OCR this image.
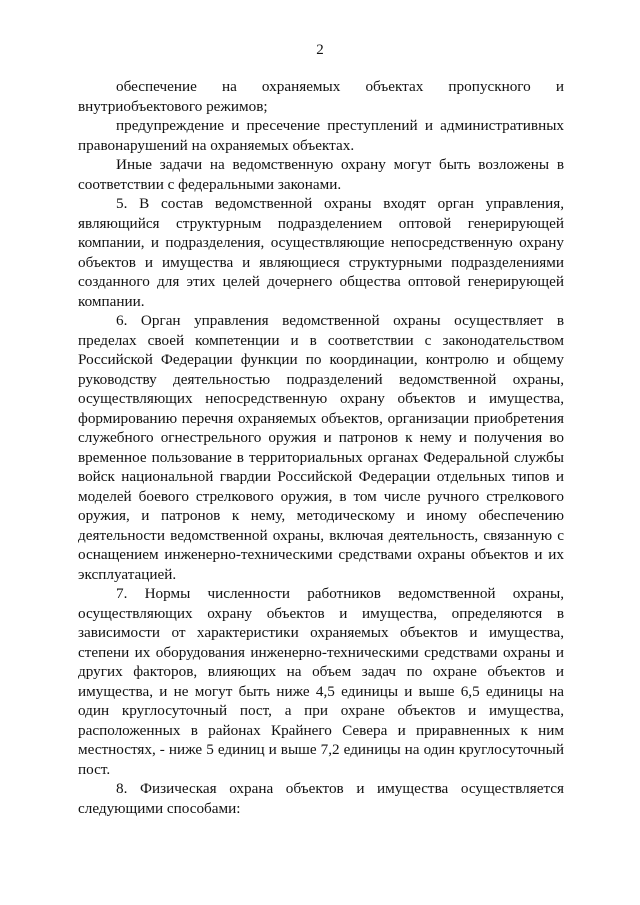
2

обеспечение на охраняемых объектах пропускного и внутриобъектового режимов;

предупреждение и пресечение преступлений и административных правонарушений на охраняемых объектах.

Иные задачи на ведомственную охрану могут быть возложены в соответствии с федеральными законами.

5. В состав ведомственной охраны входят орган управления, являющийся структурным подразделением оптовой генерирующей компании, и подразделения, осуществляющие непосредственную охрану объектов и имущества и являющиеся структурными подразделениями созданного для этих целей дочернего общества оптовой генерирующей компании.

6. Орган управления ведомственной охраны осуществляет в пределах своей компетенции и в соответствии с законодательством Российской Федерации функции по координации, контролю и общему руководству деятельностью подразделений ведомственной охраны, осуществляющих непосредственную охрану объектов и имущества, формированию перечня охраняемых объектов, организации приобретения служебного огнестрельного оружия и патронов к нему и получения во временное пользование в территориальных органах Федеральной службы войск национальной гвардии Российской Федерации отдельных типов и моделей боевого стрелкового оружия, в том числе ручного стрелкового оружия, и патронов к нему, методическому и иному обеспечению деятельности ведомственной охраны, включая деятельность, связанную с оснащением инженерно-техническими средствами охраны объектов и их эксплуатацией.

7. Нормы численности работников ведомственной охраны, осуществляющих охрану объектов и имущества, определяются в зависимости от характеристики охраняемых объектов и имущества, степени их оборудования инженерно-техническими средствами охраны и других факторов, влияющих на объем задач по охране объектов и имущества, и не могут быть ниже 4,5 единицы и выше 6,5 единицы на один круглосуточный пост, а при охране объектов и имущества, расположенных в районах Крайнего Севера и приравненных к ним местностях, - ниже 5 единиц и выше 7,2 единицы на один круглосуточный пост.

8. Физическая охрана объектов и имущества осуществляется следующими способами:
